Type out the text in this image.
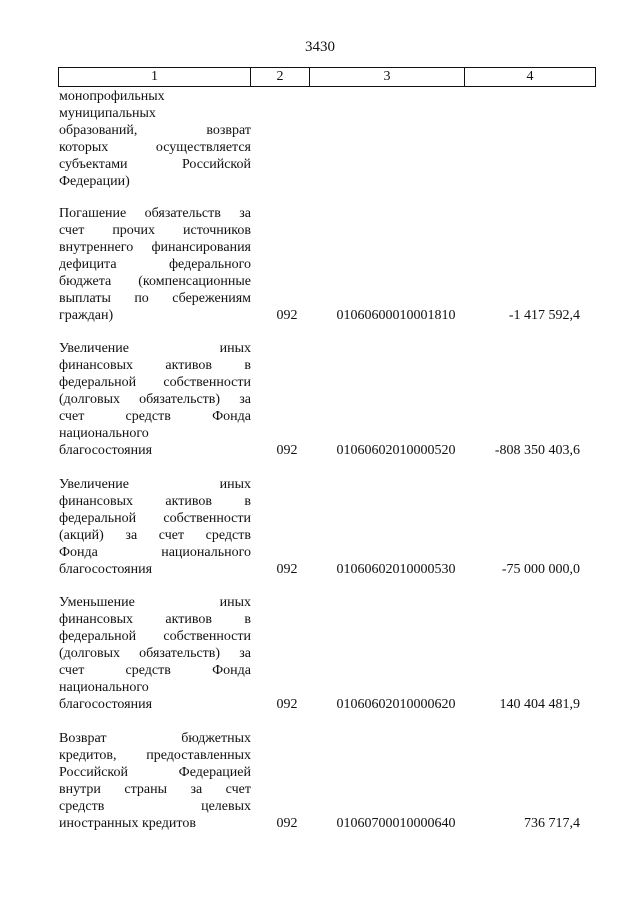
3430
1	2	3	4
монопрофильных
муниципальных
образований, возврат
которых осуществляется
субъектами Российской
Федерации)
Погашение обязательств за
счет прочих источников
внутреннего финансирования
дефицита федерального
бюджета (компенсационные
выплаты по сбережениям
граждан)	092	01060600010001810	-1 417 592,4
Увеличение иных
финансовых активов в
федеральной собственности
(долговых обязательств) за
счет средств Фонда
национального
благосостояния	092	01060602010000520	-808 350 403,6
Увеличение иных
финансовых активов в
федеральной собственности
(акций) за счет средств
Фонда национального
благосостояния	092	01060602010000530	-75 000 000,0
Уменьшение иных
финансовых активов в
федеральной собственности
(долговых обязательств) за
счет средств Фонда
национального
благосостояния	092	01060602010000620	140 404 481,9
Возврат бюджетных
кредитов, предоставленных
Российской Федерацией
внутри страны за счет
средств целевых
иностранных кредитов	092	01060700010000640	736 717,4
